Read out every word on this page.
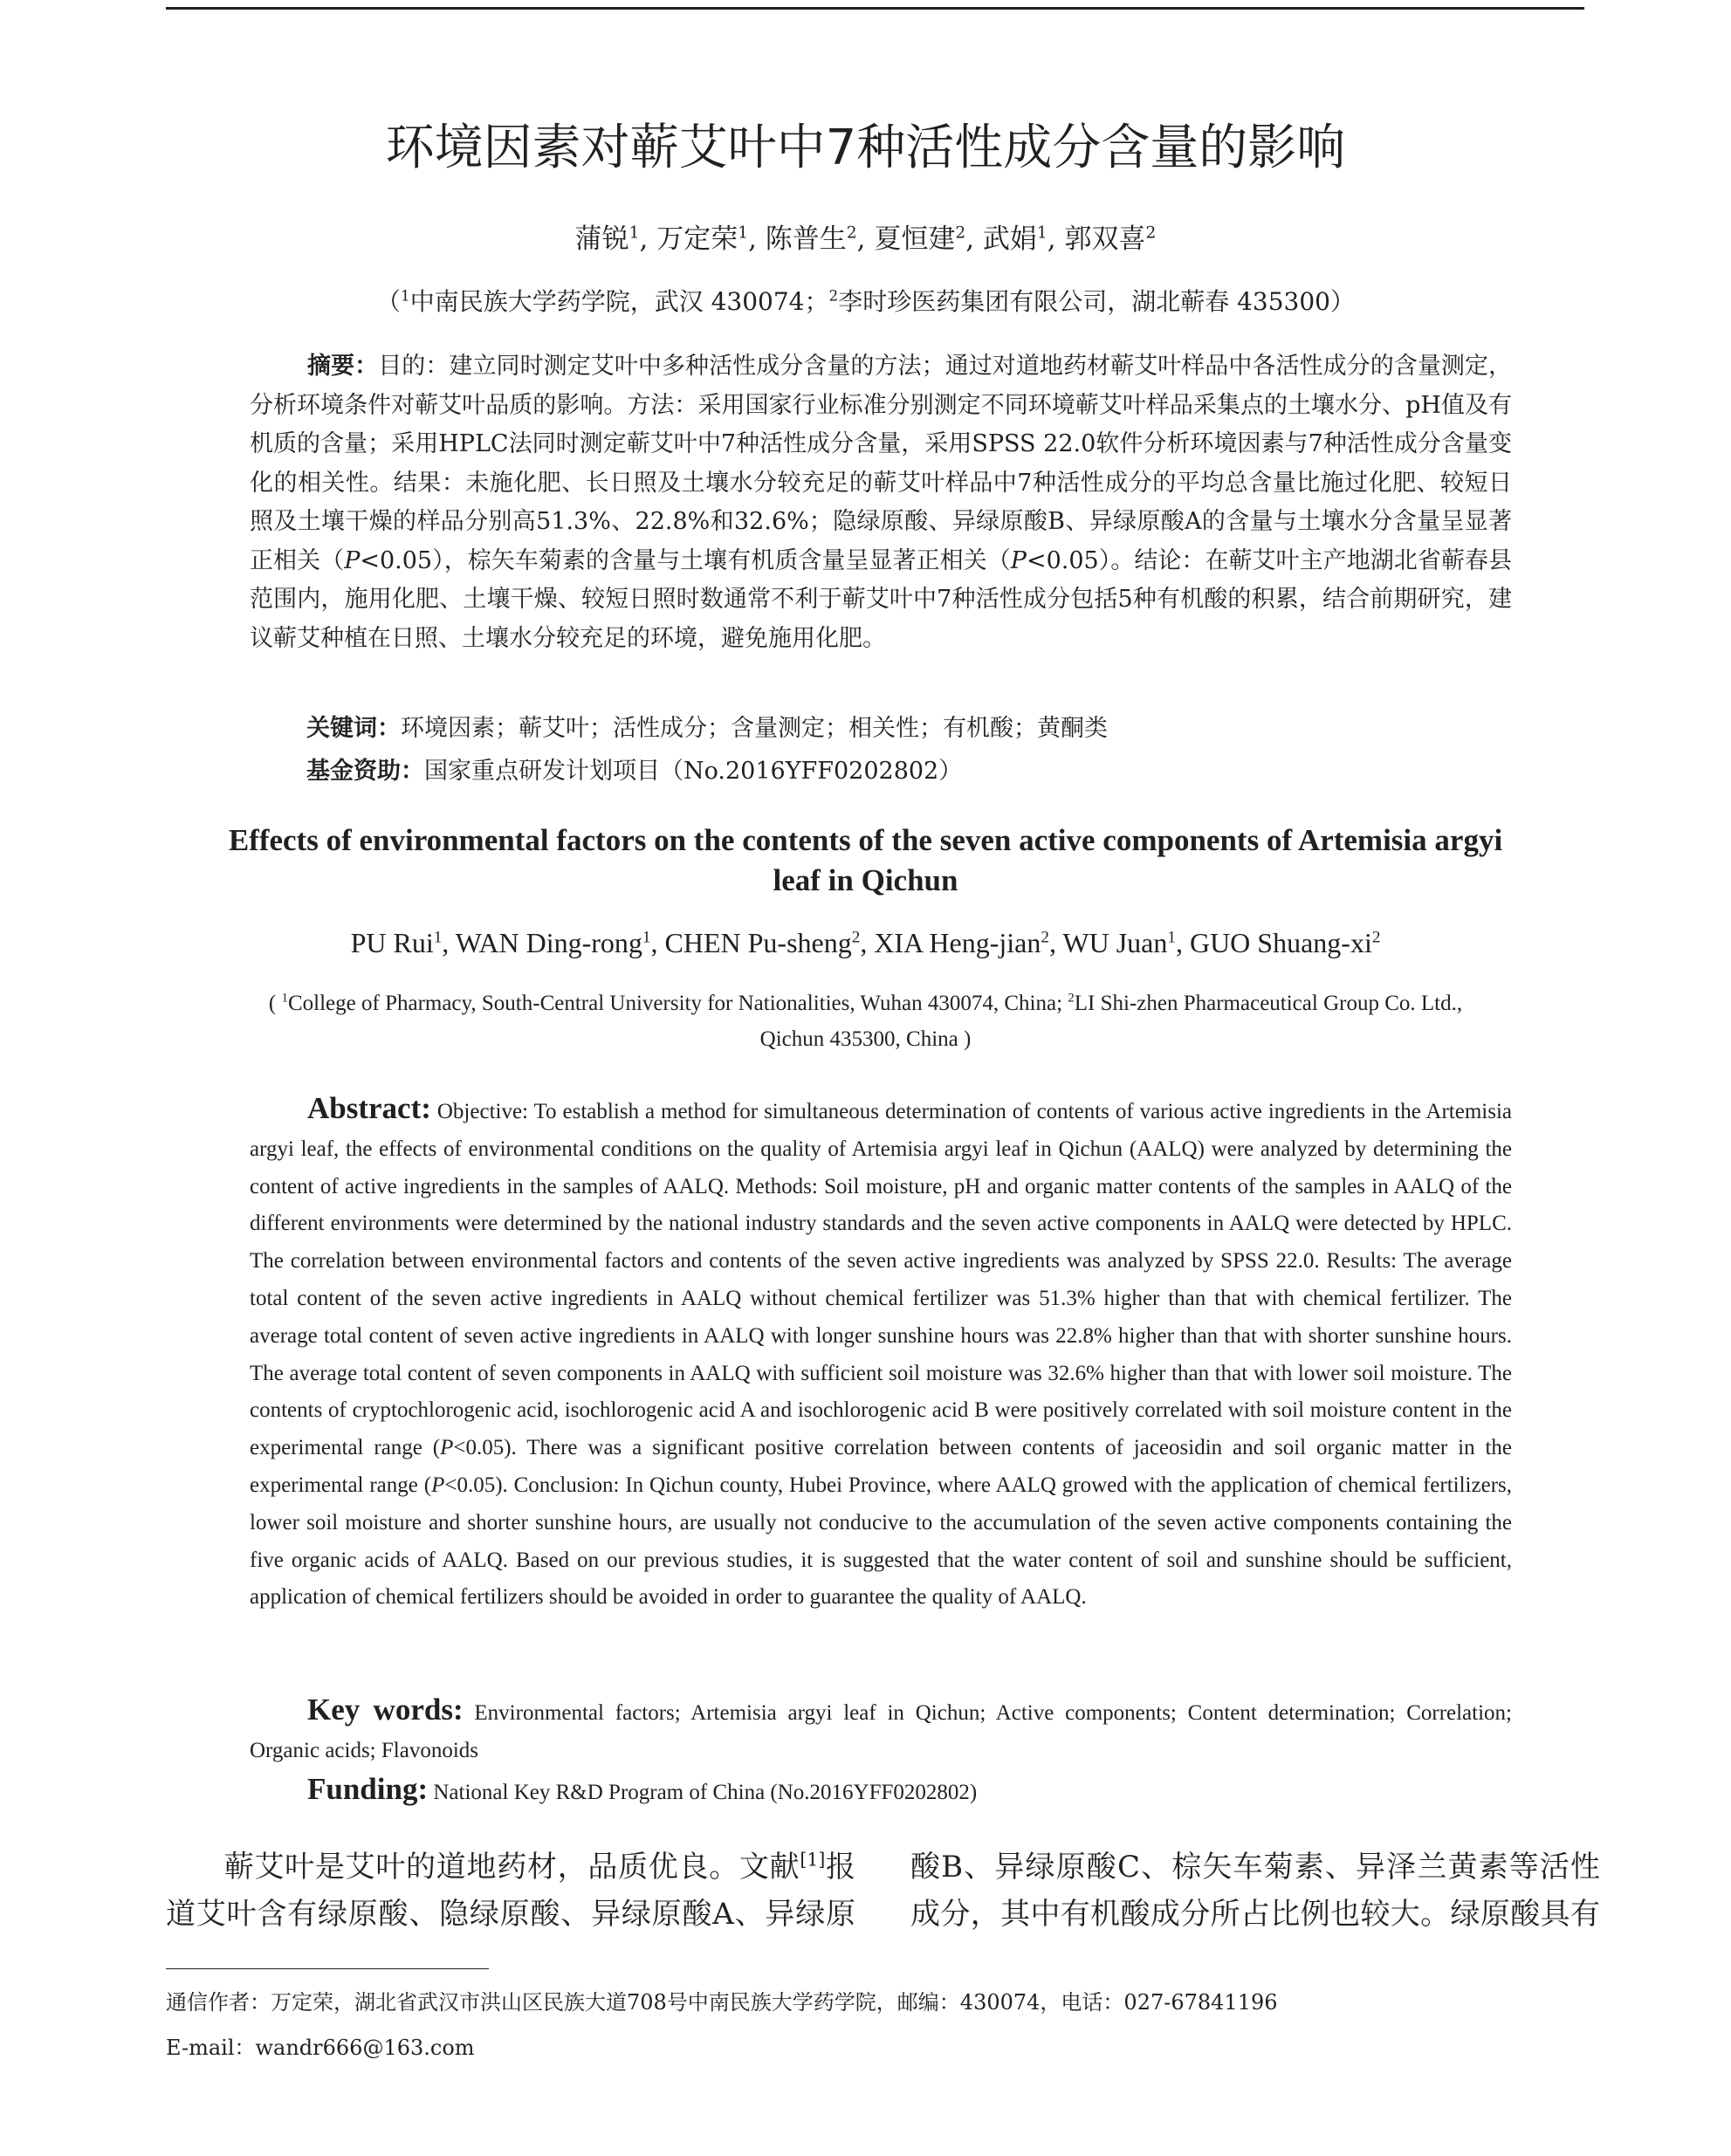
环境因素对蕲艾叶中7种活性成分含量的影响
蒲锐$^1$, 万定荣$^1$, 陈普生$^2$, 夏恒建$^2$, 武娟$^1$, 郭双喜$^2$
（$^1$中南民族大学药学院，武汉 430074；$^2$李时珍医药集团有限公司，湖北蕲春 435300）
摘要：目的：建立同时测定艾叶中多种活性成分含量的方法；通过对道地药材蕲艾叶样品中各活性成分的含量测定，分析环境条件对蕲艾叶品质的影响。方法：采用国家行业标准分别测定不同环境蕲艾叶样品采集点的土壤水分、pH值及有机质的含量；采用HPLC法同时测定蕲艾叶中7种活性成分含量，采用SPSS 22.0软件分析环境因素与7种活性成分含量变化的相关性。结果：未施化肥、长日照及土壤水分较充足的蕲艾叶样品中7种活性成分的平均总含量比施过化肥、较短日照及土壤干燥的样品分别高51.3%、22.8%和32.6%；隐绿原酸、异绿原酸B、异绿原酸A的含量与土壤水分含量呈显著正相关（P<0.05），棕矢车菊素的含量与土壤有机质含量呈显著正相关（P<0.05）。结论：在蕲艾叶主产地湖北省蕲春县范围内，施用化肥、土壤干燥、较短日照时数通常不利于蕲艾叶中7种活性成分包括5种有机酸的积累，结合前期研究，建议蕲艾种植在日照、土壤水分较充足的环境，避免施用化肥。
关键词：环境因素；蕲艾叶；活性成分；含量测定；相关性；有机酸；黄酮类
基金资助：国家重点研发计划项目（No.2016YFF0202802）
Effects of environmental factors on the contents of the seven active components of Artemisia argyi leaf in Qichun
PU Rui$^1$, WAN Ding-rong$^1$, CHEN Pu-sheng$^2$, XIA Heng-jian$^2$, WU Juan$^1$, GUO Shuang-$xi^2$
( $^1$College of Pharmacy, South-Central University for Nationalities, Wuhan 430074, China; $^2$LI Shi-zhen Pharmaceutical Group Co. Ltd., Qichun 435300, China )
Abstract: Objective: To establish a method for simultaneous determination of contents of various active ingredients in the Artemisia argyi leaf, the effects of environmental conditions on the quality of Artemisia argyi leaf in Qichun (AALQ) were analyzed by determining the content of active ingredients in the samples of AALQ. Methods: Soil moisture, pH and organic matter contents of the samples in AALQ of the different environments were determined by the national industry standards and the seven active components in AALQ were detected by HPLC. The correlation between environmental factors and contents of the seven active ingredients was analyzed by SPSS 22.0. Results: The average total content of the seven active ingredients in AALQ without chemical fertilizer was 51.3% higher than that with chemical fertilizer. The average total content of seven active ingredients in AALQ with longer sunshine hours was 22.8% higher than that with shorter sunshine hours. The average total content of seven components in AALQ with sufficient soil moisture was 32.6% higher than that with lower soil moisture. The contents of cryptochlorogenic acid, isochlorogenic acid A and isochlorogenic acid B were positively correlated with soil moisture content in the experimental range (P<0.05). There was a significant positive correlation between contents of jaceosidin and soil organic matter in the experimental range (P<0.05). Conclusion: In Qichun county, Hubei Province, where AALQ growed with the application of chemical fertilizers, lower soil moisture and shorter sunshine hours, are usually not conducive to the accumulation of the seven active components containing the five organic acids of AALQ. Based on our previous studies, it is suggested that the water content of soil and sunshine should be sufficient, application of chemical fertilizers should be avoided in order to guarantee the quality of AALQ.
Key words: Environmental factors; Artemisia argyi leaf in Qichun; Active components; Content determination; Correlation; Organic acids; Flavonoids
Funding: National Key R&D Program of China (No.2016YFF0202802)
蕲艾叶是艾叶的道地药材，品质优良。文献[1]报
道艾叶含有绿原酸、隐绿原酸、异绿原酸A、异绿原
酸B、异绿原酸C、棕矢车菊素、异泽兰黄素等活性
成分，其中有机酸成分所占比例也较大。绿原酸具有
通信作者：万定荣，湖北省武汉市洪山区民族大道708号中南民族大学药学院，邮编：430074，电话：027-67841196
E-mail：wandr666@163.com
